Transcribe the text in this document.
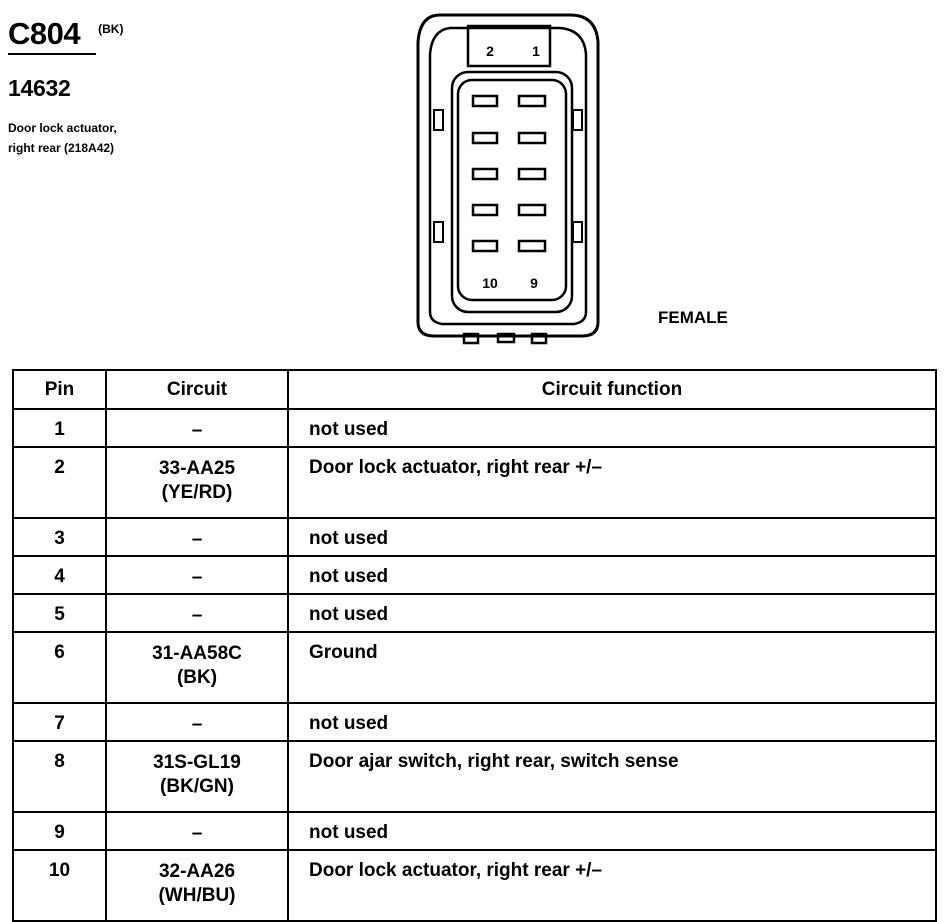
C804 (BK)
14632
Door lock actuator,
right rear (218A42)
2	1
10 9
FEMALE
Pin	Circuit	Circuit function
1	–	not used
2	33-AA25
(YE/RD)	Door lock actuator, right rear +/–
3	–	not used
4	–	not used
5	–	not used
6	31-AA58C
(BK)	Ground
7	–	not used
8	31S-GL19
(BK/GN)	Door ajar switch, right rear, switch sense
9	–	not used
10	32-AA26
(WH/BU)	Door lock actuator, right rear +/–
